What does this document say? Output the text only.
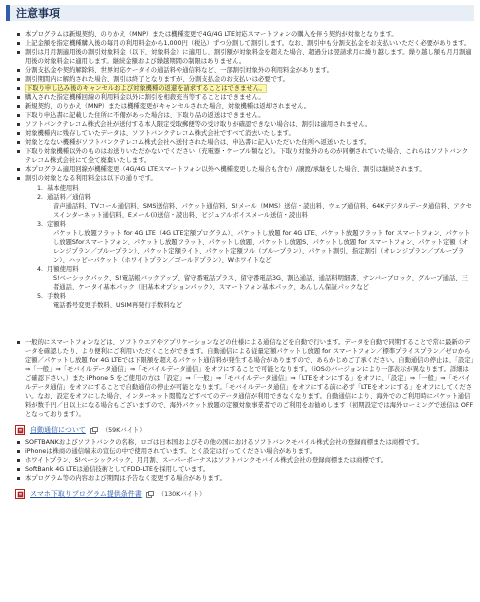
注意事項
本プログラムは新規契約、のりかえ（MNP）または機種変更で4G/4G LTE対応スマートフォンの購入を伴う契約が対象となります。
上記金額を指定機種購入後の毎月の利用料金から1,000円（税込）ずつ分割して割引します。なお、割引中も分割支払金をお支払いいただく必要があります。
割引は月月割適用後の割引対象料金（以下、対象料金）に適用し、割引額が対象料金を超えた場合、超過分は翌請求月に繰り越します。繰り越し額も月月割適用後の対象料金に適用します。継続金額および繰越期間の制限はありません。
分割支払金や契約解除料、世界対応ケータイの通話料や通信料など、一部割引対象外の利用料金があります。
割引期間内に解約された場合、割引は終了となりますが、分割支払金のお支払いは必要です。
下取り申し込み後のキャンセルおよび対象機種の返還を請求することはできません。
購入された指定機種回線の利用料金以外に割引を相殺充当等することはできません。
新規契約、のりかえ（MNP）または機種変更がキャンセルされた場合、対象機種は返却されません。
下取り申込書に記載した住所に不備があった場合は、下取り品の返送はできません。
ソフトバンクテレコム株式会社が送付する本人限定受取郵便等の受け取りが確認できない場合は、割引は適用されません。
対象機種内に残存していたデータは、ソフトバンクテレコム株式会社ですべて消去いたします。
対象となない機種がソフトバンクテレコム株式会社へ送付された場合は、申込書に記入いただいた住所へ返送いたします。
下取り対象機種以外のものはお送りいただかないでください（充電器・ケーブル類など）。下取り対象外のものが同梱されていた場合、これらはソフトバンクテレコム株式会社にて全て廃棄いたします。
本プログラム適用回線が機種変更（4G/4G LTEスマートフォン以外へ機種変更した場合も含む）/譲渡/承継をした場合、割引は継続されます。
割引の対象となる利用料金は以下の通りです。
1. 基本使用料
2. 通話料／通信料
音声通話料、TVコール通信料、SMS送信料、パケット通信料、S!メール（MMS）送信・読出料、ウェブ通信料、64Kデジタルデータ通信料、アクセスインターネット通信料、Eメール(i)送信・読出料、ビジュアルボイスメール送信・読出料
3. 定額料
パケットし放題フラット for 4G LTE（4G LTE定額プログラム）、パケットし放題 for 4G LTE、パケット放題フラット for スマートフォン、パケットし放題Sforスマートフォン、パケットし放題フラット、パケットし放題、パケットし放題S、パケットし放題 for スマートフォン、パケット定額（オレンジプラン／ブループラン）、パケット定額ライト、パケット定額フル（ブループラン）、パケット割引、指定割引（オレンジプラン／ブループラン）、ハッピーパケット（ホワイトプラン／ゴールドプラン）、Wホワイトなど
4. 月額使用料
S!ベーシックパック、S!電話帳バックアップ、留守番電話プラス、留守番電話3G、割込通話、通話料明細書、ナンバーブロック、グループ通話、三者通話、ケータイ基本パック（旧基本オプションパック）、スマートフォン基本パック、あんしん保証パックなど
5. 手数料
電話番号変更手数料、USIM再発行手数料など
一般的にスマートフォンなどは、ソフトウエアやアプリケーションなどの仕様による通信などを自動で行います。データを自動で同期することで常に最新のデータを確認したり、より便利にご利用いただくことができます。自動通信による従量定額パケットし放題 for スマートフォン／標準プライスプラン／ゼロから定額／パケットし放題 for 4G LTEでは下限額を超えるパケット通信料が発生する場合がありますので、あらかじめご了承ください。自動通信の停止は、「設定」⇒「一般」⇒「モバイルデータ通信」⇒「モバイルデータ通信」をオフにすることで可能となります。（iOSのバージョンにより一部表示が異なります。詳細はご確認下さい。）また iPhone 5 をご使用の方は「設定」⇒「一般」⇒「モバイルデータ通信」⇒「LTEをオンにする」をオフに、「設定」⇒「一般」⇒「モバイルデータ通信」をオフにすることで自動通信の停止が可能となります。「モバイルデータ通信」をオフにする前に必ず「LTEをオンにする」をオフにしてください。なお、設定をオフにした場合、インターネット閲覧などすべてのデータ通信が利用できなくなります。自動通信により、海外でのご利用時にパケット通信料が数千円／日以上になる場合もございますので、海外パケット放題の定額対象事業者でのご利用をお勧めします（初期設定では海外ローミングで送信は OFF となっております）。
自動通信について	（59Kバイト）
SOFTBANKおよびソフトバンクの名称、ロゴは日本国およびその他の国におけるソフトバンクモバイル株式会社の登録商標または商標です。
iPhoneは株商の通信端末の宣伝の中で使用されています。とく設定は行ってください場合があります。
ホワイトプラン、S!ベーシックパック、月月割、スーパーボーナスはソフトバンクモバイル株式会社の登録商標または商標です。
SoftBank 4G LTEは通信技術としてFDD-LTEを採用しています。
本プログラム等の内容および期間は予告なく変更する場合があります。
スマホ下取りプログラム提供条件書	（130Kバイト）
